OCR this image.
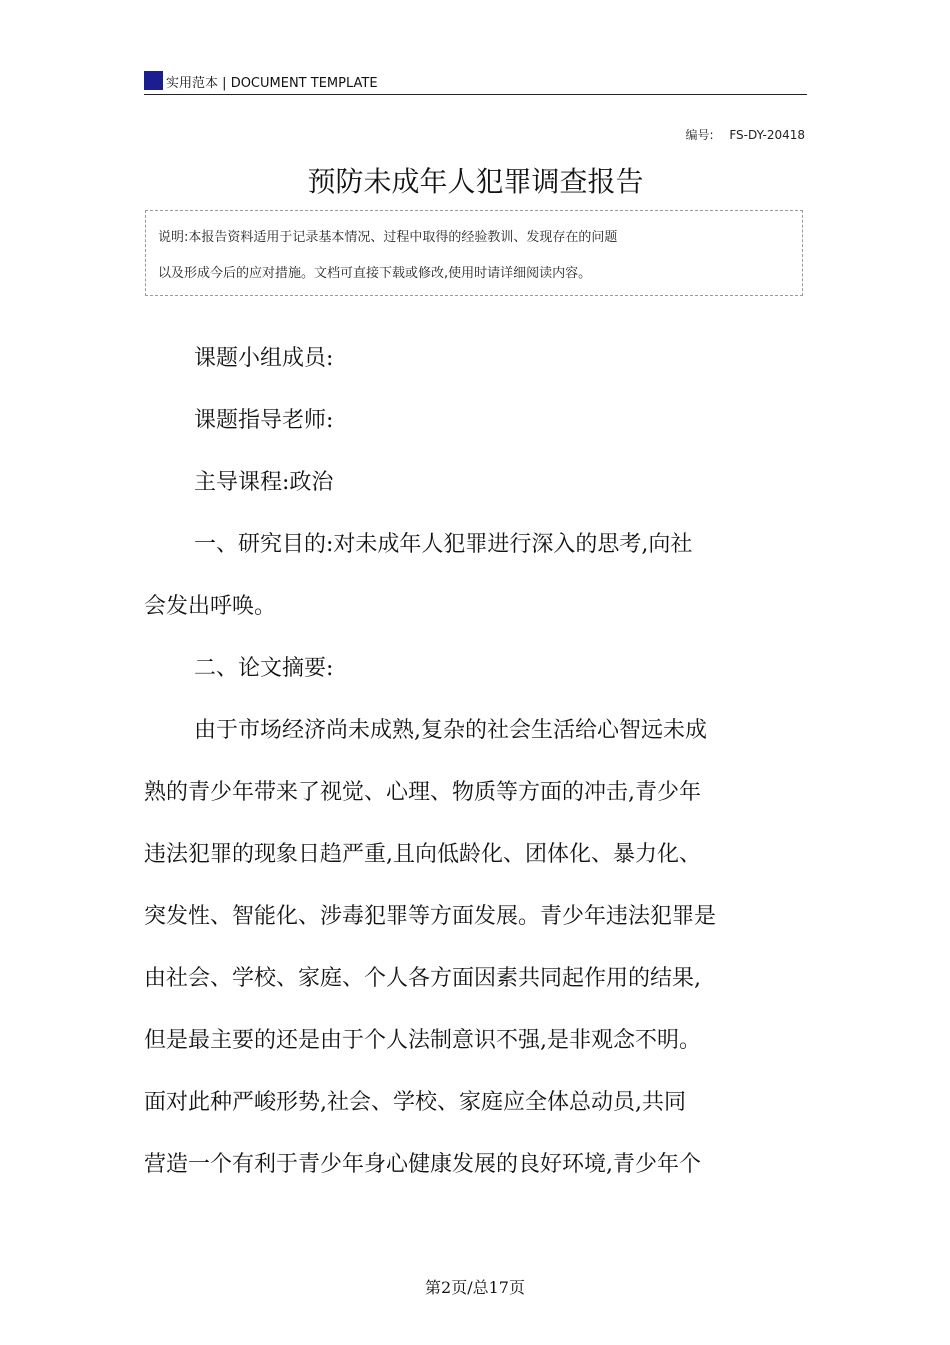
实用范本 | DOCUMENT TEMPLATE
编号: FS-DY-20418
预防未成年人犯罪调查报告
说明:本报告资料适用于记录基本情况、过程中取得的经验教训、发现存在的问题
以及形成今后的应对措施。文档可直接下载或修改,使用时请详细阅读内容。
课题小组成员:
课题指导老师:
主导课程:政治
一、研究目的:对未成年人犯罪进行深入的思考,向社
会发出呼唤。
二、论文摘要:
由于市场经济尚未成熟,复杂的社会生活给心智远未成
熟的青少年带来了视觉、心理、物质等方面的冲击,青少年
违法犯罪的现象日趋严重,且向低龄化、团体化、暴力化、
突发性、智能化、涉毒犯罪等方面发展。青少年违法犯罪是
由社会、学校、家庭、个人各方面因素共同起作用的结果,
但是最主要的还是由于个人法制意识不强,是非观念不明。
面对此种严峻形势,社会、学校、家庭应全体总动员,共同
营造一个有利于青少年身心健康发展的良好环境,青少年个
第2页/总17页
